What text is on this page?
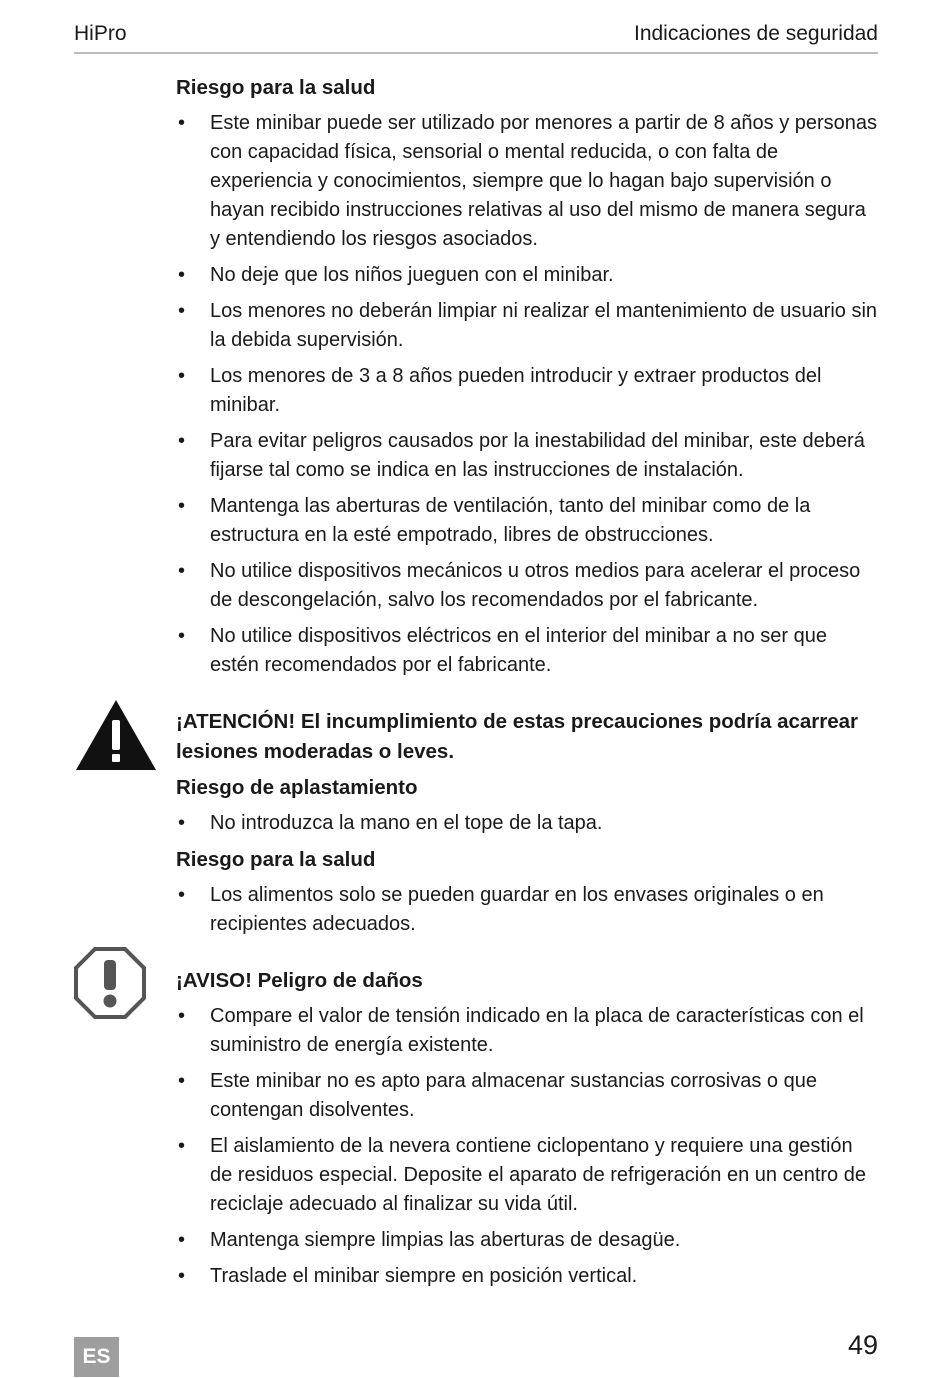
HiPro	Indicaciones de seguridad
Riesgo para la salud
• Este minibar puede ser utilizado por menores a partir de 8 años y personas con capacidad física, sensorial o mental reducida, o con falta de experiencia y conocimientos, siempre que lo hagan bajo supervisión o hayan recibido instrucciones relativas al uso del mismo de manera segura y entendiendo los riesgos asociados.
• No deje que los niños jueguen con el minibar.
• Los menores no deberán limpiar ni realizar el mantenimiento de usuario sin la debida supervisión.
• Los menores de 3 a 8 años pueden introducir y extraer productos del minibar.
• Para evitar peligros causados por la inestabilidad del minibar, este deberá fijarse tal como se indica en las instrucciones de instalación.
• Mantenga las aberturas de ventilación, tanto del minibar como de la estructura en la esté empotrado, libres de obstrucciones.
• No utilice dispositivos mecánicos u otros medios para acelerar el proceso de descongelación, salvo los recomendados por el fabricante.
• No utilice dispositivos eléctricos en el interior del minibar a no ser que estén recomendados por el fabricante.
¡ATENCIÓN! El incumplimiento de estas precauciones podría acarrear lesiones moderadas o leves.
Riesgo de aplastamiento
• No introduzca la mano en el tope de la tapa.
Riesgo para la salud
• Los alimentos solo se pueden guardar en los envases originales o en recipientes adecuados.
¡AVISO! Peligro de daños
• Compare el valor de tensión indicado en la placa de características con el suministro de energía existente.
• Este minibar no es apto para almacenar sustancias corrosivas o que contengan disolventes.
• El aislamiento de la nevera contiene ciclopentano y requiere una gestión de residuos especial. Deposite el aparato de refrigeración en un centro de reciclaje adecuado al finalizar su vida útil.
• Mantenga siempre limpias las aberturas de desagüe.
• Traslade el minibar siempre en posición vertical.
ES	49
